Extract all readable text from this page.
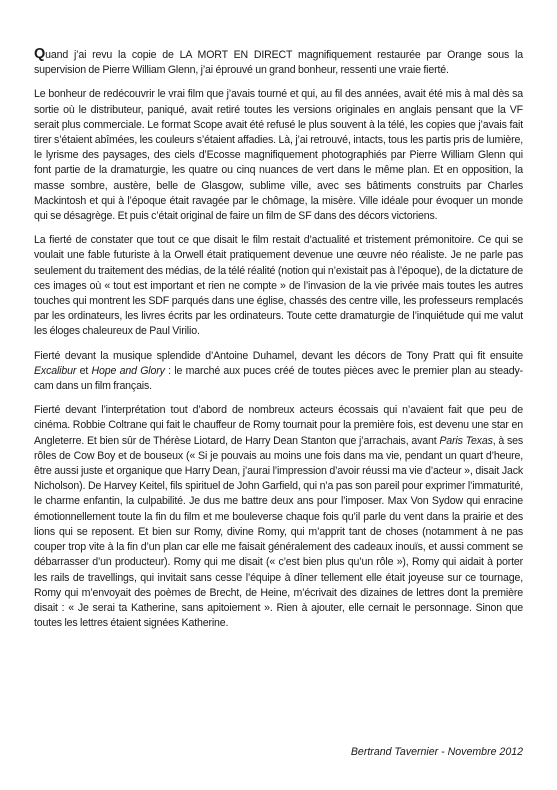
Quand j’ai revu la copie de LA MORT EN DIRECT magnifiquement restaurée par Orange sous la supervision de Pierre William Glenn, j’ai éprouvé un grand bonheur, ressenti une vraie fierté.

Le bonheur de redécouvrir le vrai film que j’avais tourné et qui, au fil des années, avait été mis à mal dès sa sortie où le distributeur, paniqué, avait retiré toutes les versions originales en anglais pensant que la VF serait plus commerciale. Le format Scope avait été refusé le plus souvent à la télé, les copies que j’avais fait tirer s’étaient abîmées, les couleurs s’étaient affadies. Là, j’ai retrouvé, intacts, tous les partis pris de lumière, le lyrisme des paysages, des ciels d’Ecosse magnifiquement photographiés par Pierre William Glenn qui font partie de la dramaturgie, les quatre ou cinq nuances de vert dans le même plan. Et en opposition, la masse sombre, austère, belle de Glasgow, sublime ville, avec ses bâtiments construits par Charles Mackintosh et qui à l’époque était ravagée par le chômage, la misère. Ville idéale pour évoquer un monde qui se désagrège. Et puis c’était original de faire un film de SF dans des décors victoriens.

La fierté de constater que tout ce que disait le film restait d’actualité et tristement prémonitoire. Ce qui se voulait une fable futuriste à la Orwell était pratiquement devenue une œuvre néo réaliste. Je ne parle pas seulement du traitement des médias, de la télé réalité (notion qui n’existait pas à l’époque), de la dictature de ces images où « tout est important et rien ne compte » de l’invasion de la vie privée mais toutes les autres touches qui montrent les SDF parqués dans une église, chassés des centre ville, les professeurs remplacés par les ordinateurs, les livres écrits par les ordinateurs. Toute cette dramaturgie de l’inquiétude qui me valut les éloges chaleureux de Paul Virilio.

Fierté devant la musique splendide d’Antoine Duhamel, devant les décors de Tony Pratt qui fit ensuite Excalibur et Hope and Glory : le marché aux puces créé de toutes pièces avec le premier plan au steady-cam dans un film français.

Fierté devant l’interprétation tout d’abord de nombreux acteurs écossais qui n’avaient fait que peu de cinéma. Robbie Coltrane qui fait le chauffeur de Romy tournait pour la première fois, est devenu une star en Angleterre. Et bien sûr de Thérèse Liotard, de Harry Dean Stanton que j’arrachais, avant Paris Texas, à ses rôles de Cow Boy et de bouseux (« Si je pouvais au moins une fois dans ma vie, pendant un quart d’heure, être aussi juste et organique que Harry Dean, j’aurai l’impression d’avoir réussi ma vie d’acteur », disait Jack Nicholson). De Harvey Keitel, fils spirituel de John Garfield, qui n’a pas son pareil pour exprimer l’immaturité, le charme enfantin, la culpabilité. Je dus me battre deux ans pour l’imposer. Max Von Sydow qui enracine émotionnellement toute la fin du film et me bouleverse chaque fois qu’il parle du vent dans la prairie et des lions qui se reposent. Et bien sur Romy, divine Romy, qui m’apprit tant de choses (notamment à ne pas couper trop vite à la fin d’un plan car elle me faisait généralement des cadeaux inouïs, et aussi comment se débarrasser d’un producteur). Romy qui me disait (« c’est bien plus qu’un rôle »), Romy qui aidait à porter les rails de travellings, qui invitait sans cesse l’équipe à dîner tellement elle était joyeuse sur ce tournage, Romy qui m’envoyait des poèmes de Brecht, de Heine, m’écrivait des dizaines de lettres dont la première disait : « Je serai ta Katherine, sans apitoiement ». Rien à ajouter, elle cernait le personnage. Sinon que toutes les lettres étaient signées Katherine.

Bertrand Tavernier - Novembre 2012
